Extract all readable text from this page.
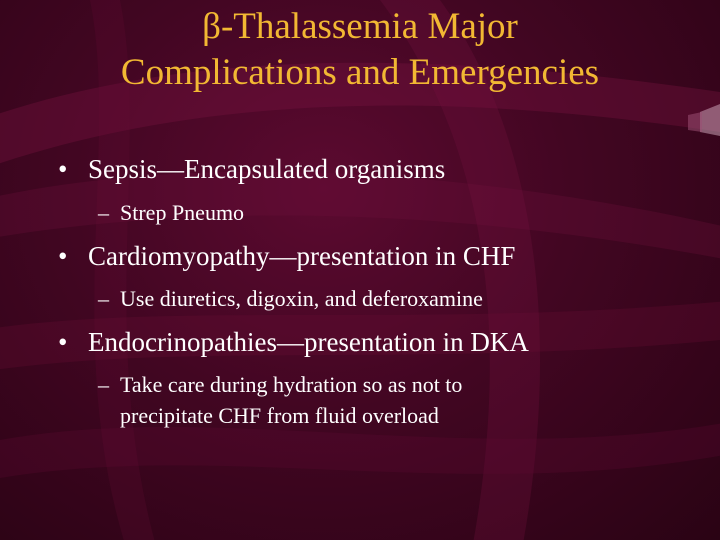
β-Thalassemia Major
Complications and Emergencies
• Sepsis—Encapsulated organisms
– Strep Pneumo
• Cardiomyopathy—presentation in CHF
– Use diuretics, digoxin, and deferoxamine
• Endocrinopathies—presentation in DKA
– Take care during hydration so as not to
precipitate CHF from fluid overload
